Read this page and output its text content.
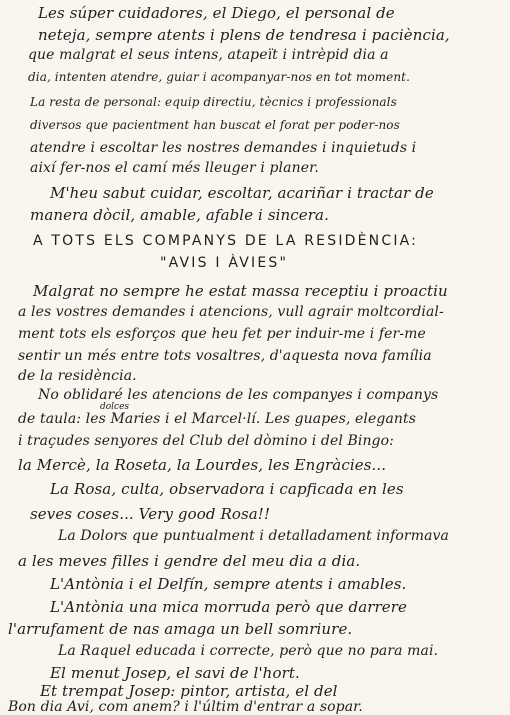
Les súper cuidadores, el Diego, el personal de
neteja, sempre atents i plens de tendresa i paciència,
que malgrat el seus intens, atapeït i intrèpid dia a
dia, intenten atendre, guiar i acompanyar-nos en tot moment.
La resta de personal: equip directiu, tècnics i professionals
diversos que pacientment han buscat el forat per poder-nos
atendre i escoltar les nostres demandes i inquietuds i
així fer-nos el camí més lleuger i planer.
M'heu sabut cuidar, escoltar, acariñar i tractar de
manera dòcil, amable, afable i sincera.
A TOTS ELS COMPANYS DE LA RESIDÈNCIA:
"AVIS I ÀVIES"
Malgrat no sempre he estat massa receptiu i proactiu
a les vostres demandes i atencions, vull agrair moltcordial-
ment tots els esforços que heu fet per induir-me i fer-me
sentir un més entre tots vosaltres, d'aquesta nova família
de la residència.
No oblidaré les atencions de les companyes i companys
dolces
de taula: les Maries i el Marcel·lí. Les guapes, elegants
i traçudes senyores del Club del dòmino i del Bingo:
la Mercè, la Roseta, la Lourdes, les Engràcies...
La Rosa, culta, observadora i capficada en les
seves coses... Very good Rosa!!
La Dolors que puntualment i detalladament informava
a les meves filles i gendre del meu dia a dia.
L'Antònia i el Delfín, sempre atents i amables.
L'Antònia una mica morruda però que darrere
l'arrufament de nas amaga un bell somriure.
La Raquel educada i correcte, però que no para mai.
El menut Josep, el savi de l'hort.
Et trempat Josep: pintor, artista, el del
Bon dia Avi, com anem? i l'últim d'entrar a sopar.
